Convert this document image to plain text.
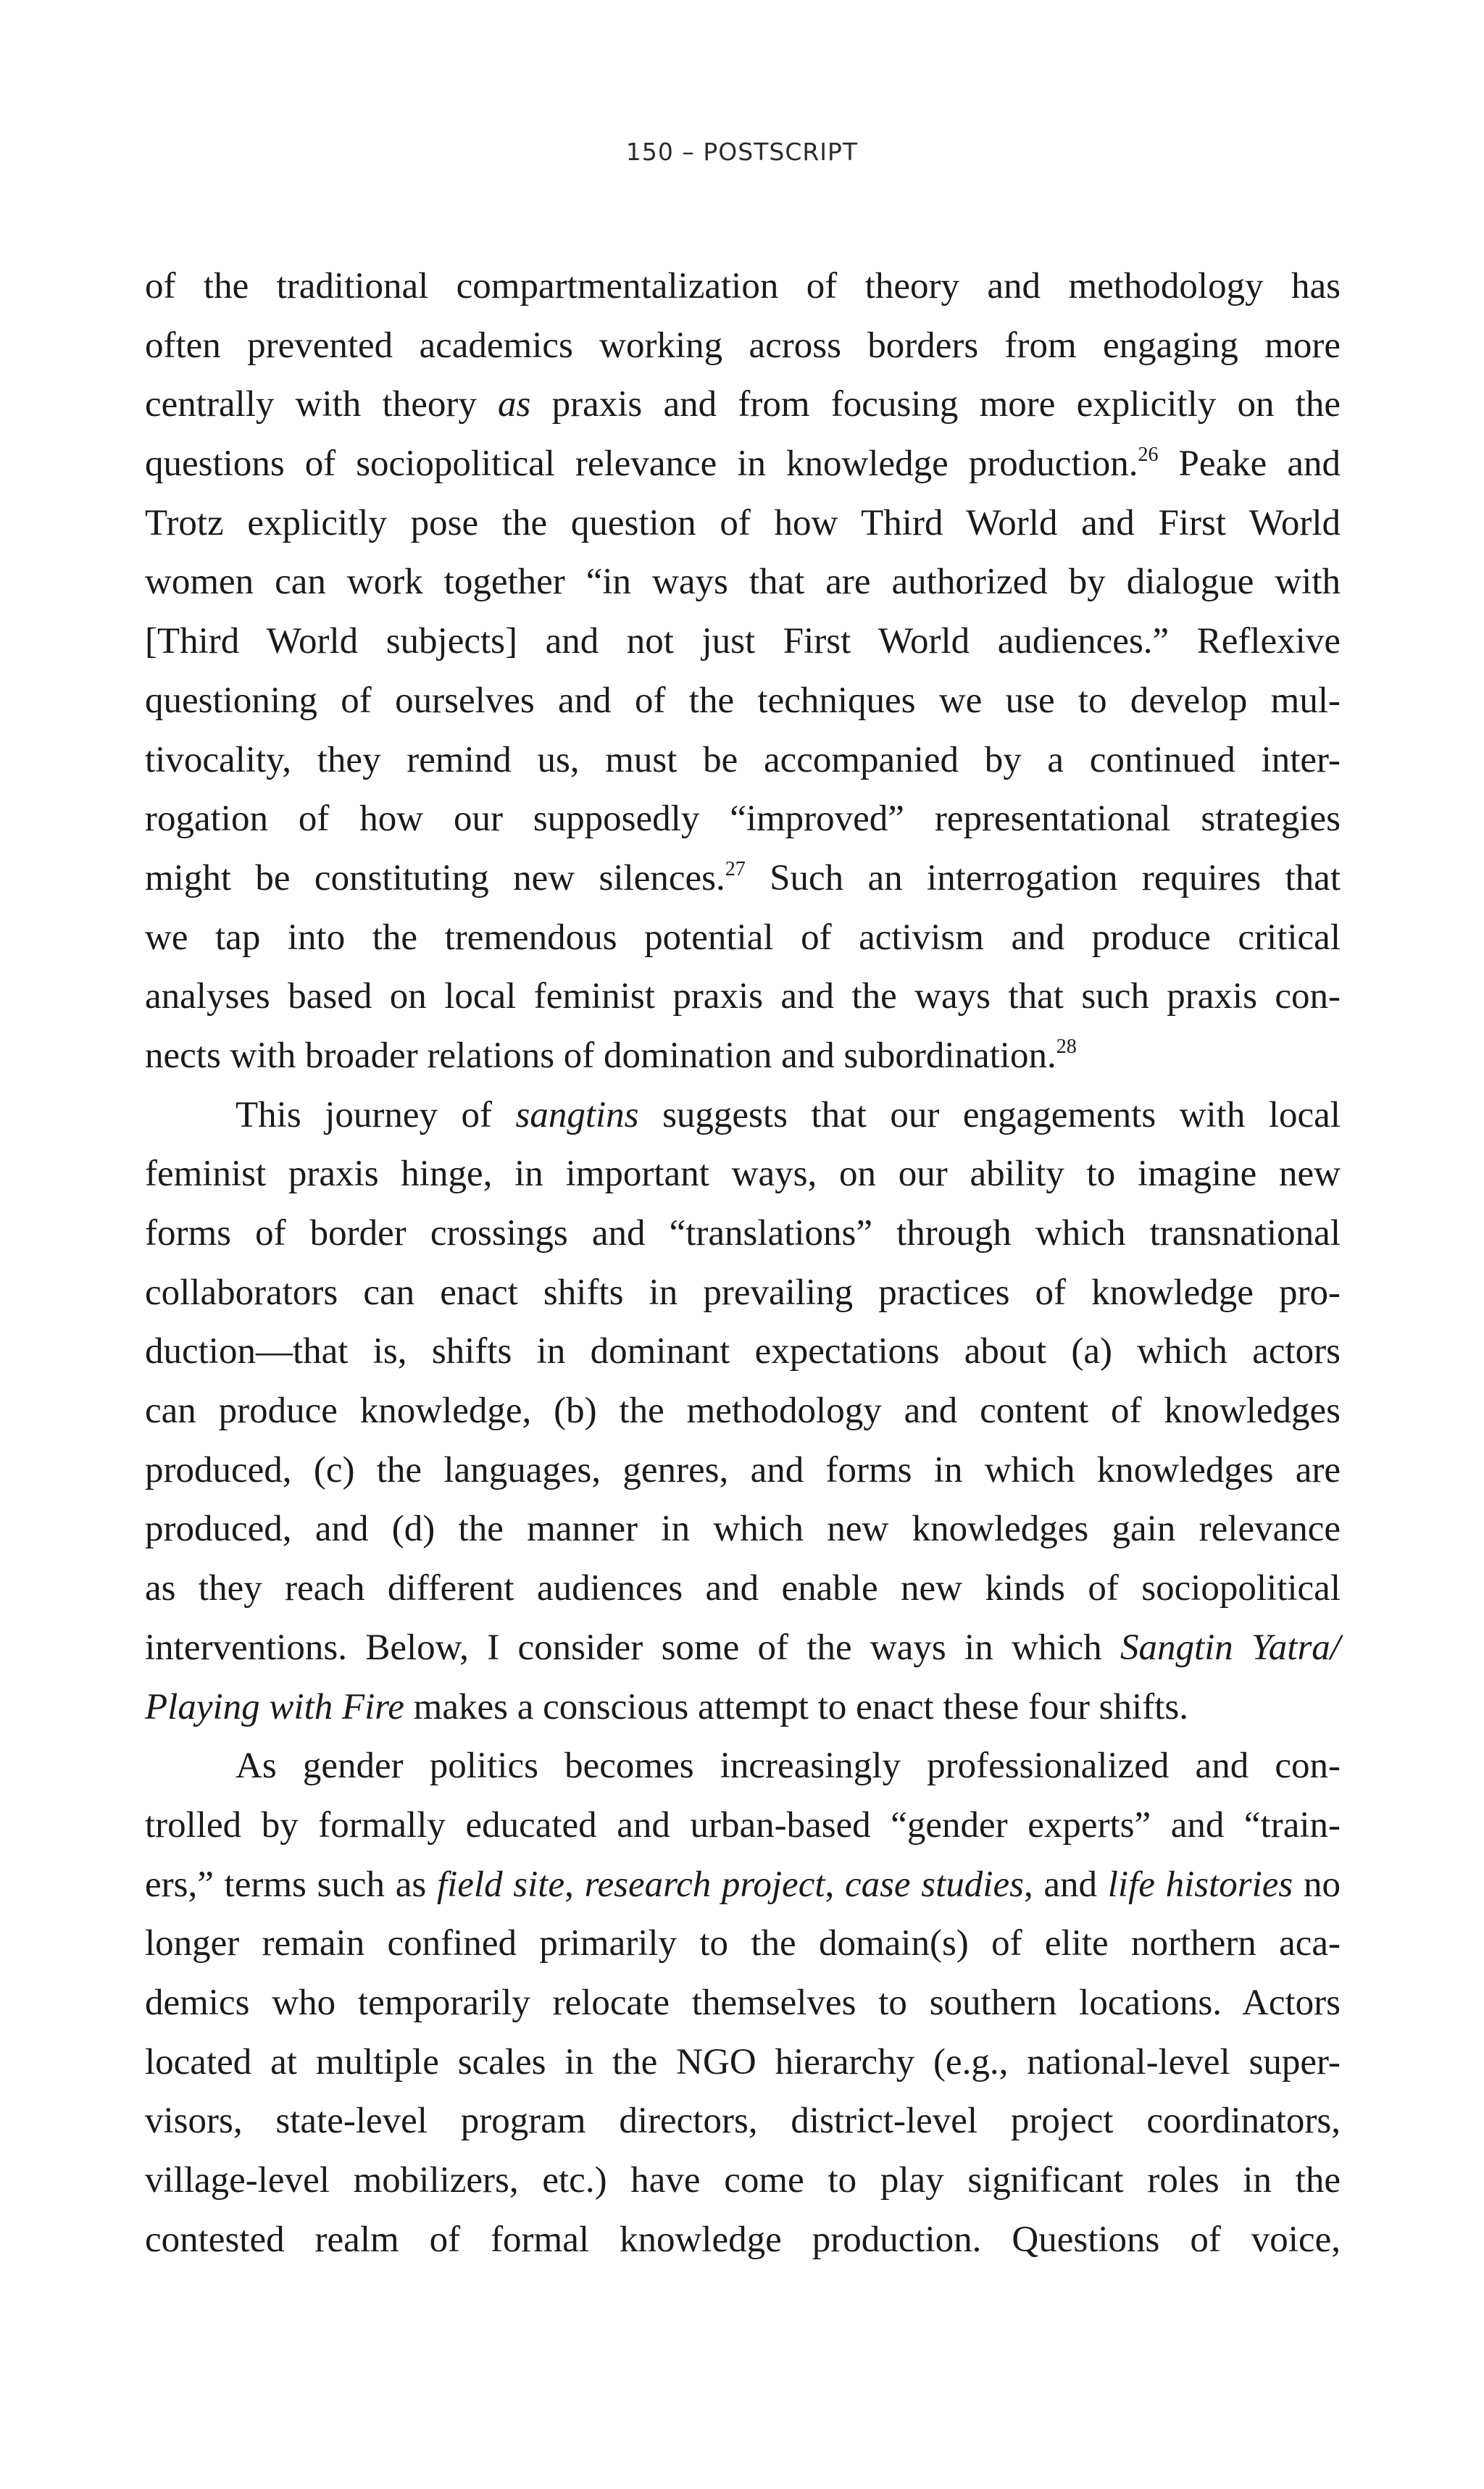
150 – POSTSCRIPT
of the traditional compartmentalization of theory and methodology has
often prevented academics working across borders from engaging more
centrally with theory as praxis and from focusing more explicitly on the
questions of sociopolitical relevance in knowledge production.$^{26}$ Peake and
Trotz explicitly pose the question of how Third World and First World
women can work together “in ways that are authorized by dialogue with
[Third World subjects] and not just First World audiences.” Reflexive
questioning of ourselves and of the techniques we use to develop mul-
tivocality, they remind us, must be accompanied by a continued inter-
rogation of how our supposedly “improved” representational strategies
might be constituting new silences.$^{27}$ Such an interrogation requires that
we tap into the tremendous potential of activism and produce critical
analyses based on local feminist praxis and the ways that such praxis con-
nects with broader relations of domination and subordination.$^{28}$
This journey of sangtins suggests that our engagements with local
feminist praxis hinge, in important ways, on our ability to imagine new
forms of border crossings and “translations” through which transnational
collaborators can enact shifts in prevailing practices of knowledge pro-
duction—that is, shifts in dominant expectations about (a) which actors
can produce knowledge, (b) the methodology and content of knowledges
produced, (c) the languages, genres, and forms in which knowledges are
produced, and (d) the manner in which new knowledges gain relevance
as they reach different audiences and enable new kinds of sociopolitical
interventions. Below, I consider some of the ways in which Sangtin Yatra/
Playing with Fire makes a conscious attempt to enact these four shifts.
As gender politics becomes increasingly professionalized and con-
trolled by formally educated and urban-based “gender experts” and “train-
ers,” terms such as field site, research project, case studies, and life histories no
longer remain confined primarily to the domain(s) of elite northern aca-
demics who temporarily relocate themselves to southern locations. Actors
located at multiple scales in the NGO hierarchy (e.g., national-level super-
visors, state-level program directors, district-level project coordinators,
village-level mobilizers, etc.) have come to play significant roles in the
contested realm of formal knowledge production. Questions of voice,
